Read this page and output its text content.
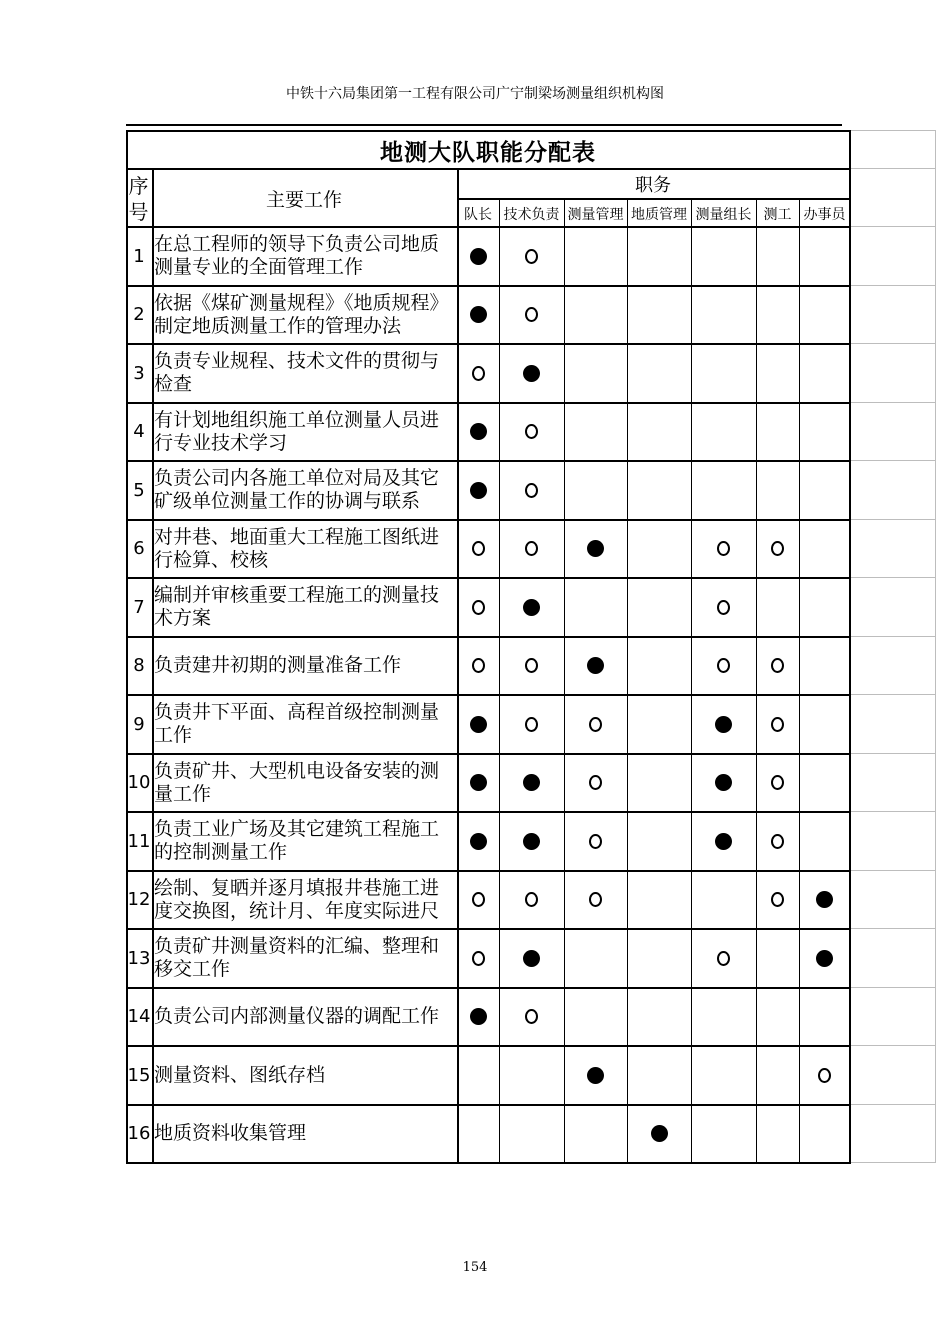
中铁十六局集团第一工程有限公司广宁制梁场测量组织机构图
地测大队职能分配表
序号	主要工作
职务
队长 技术负责 测量管理 地质管理 测量组长 测工 办事员
1
在总工程师的领导下负责公司地质测量专业的全面管理工作
2
依据《煤矿测量规程》《地质规程》制定地质测量工作的管理办法
3
负责专业规程、技术文件的贯彻与检查
4
有计划地组织施工单位测量人员进行专业技术学习
5
负责公司内各施工单位对局及其它矿级单位测量工作的协调与联系
6
对井巷、地面重大工程施工图纸进行检算、校核
7
编制并审核重要工程施工的测量技术方案
8 负责建井初期的测量准备工作
9
负责井下平面、高程首级控制测量工作
10
负责矿井、大型机电设备安装的测量工作
11
负责工业广场及其它建筑工程施工的控制测量工作
12
绘制、复晒并逐月填报井巷施工进度交换图，统计月、年度实际进尺
13
负责矿井测量资料的汇编、整理和移交工作
14 负责公司内部测量仪器的调配工作
15 测量资料、图纸存档
16 地质资料收集管理
154
